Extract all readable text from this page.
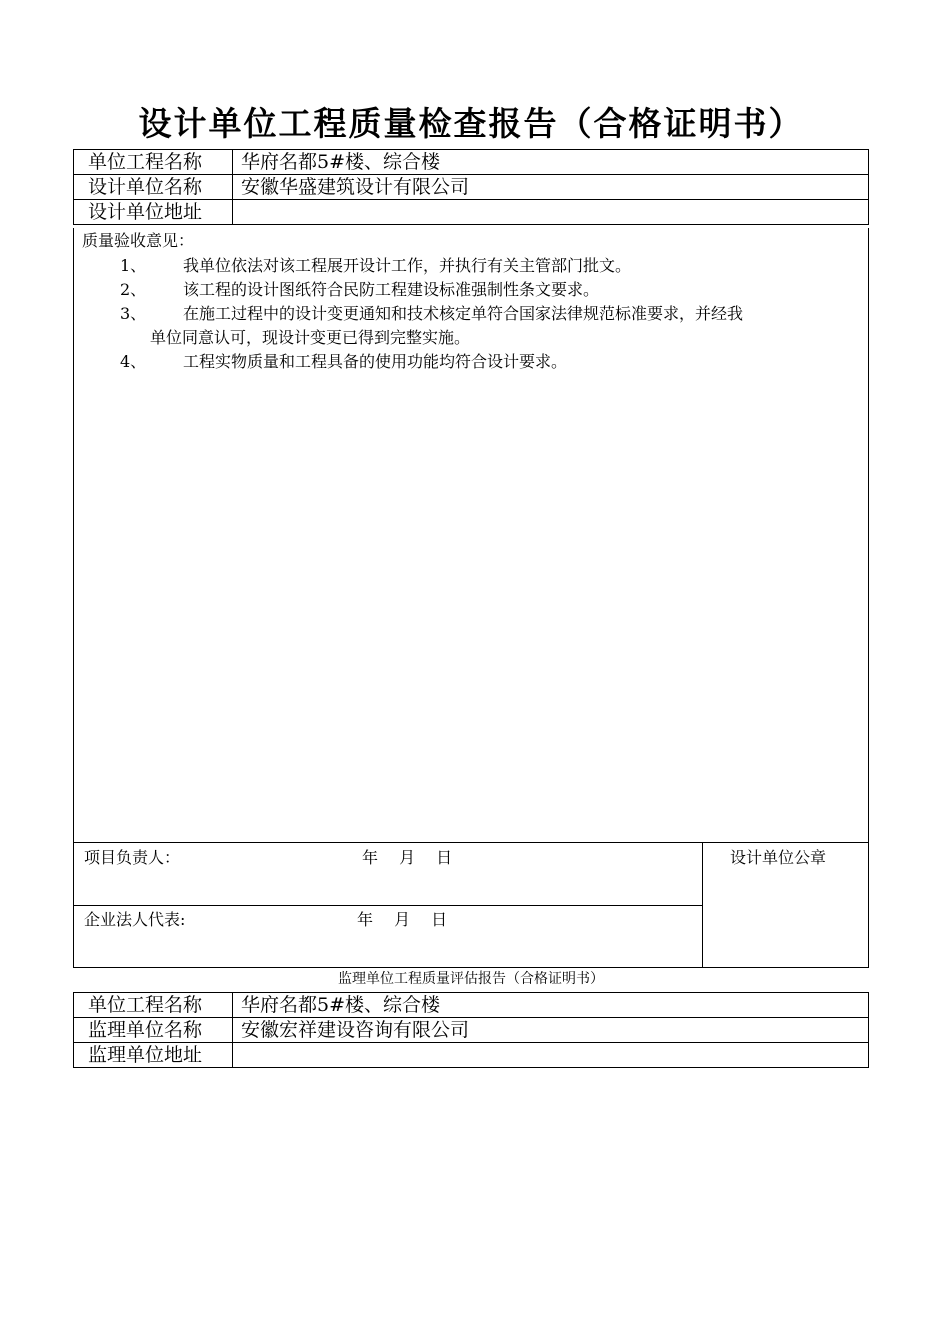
设计单位工程质量检查报告（合格证明书）
单位工程名称	华府名都5#楼、综合楼
设计单位名称	安徽华盛建筑设计有限公司
设计单位地址	
质量验收意见：
1、	我单位依法对该工程展开设计工作，并执行有关主管部门批文。
2、	该工程的设计图纸符合民防工程建设标准强制性条文要求。
3、	在施工过程中的设计变更通知和技术核定单符合国家法律规范标准要求，并经我
单位同意认可，现设计变更已得到完整实施。
4、	工程实物质量和工程具备的使用功能均符合设计要求。
项目负责人：	年　 月　 日
企业法人代表:	年　 月　 日
设计单位公章
监理单位工程质量评估报告（合格证明书）
单位工程名称	华府名都5#楼、综合楼
监理单位名称	安徽宏祥建设咨询有限公司
监理单位地址	
